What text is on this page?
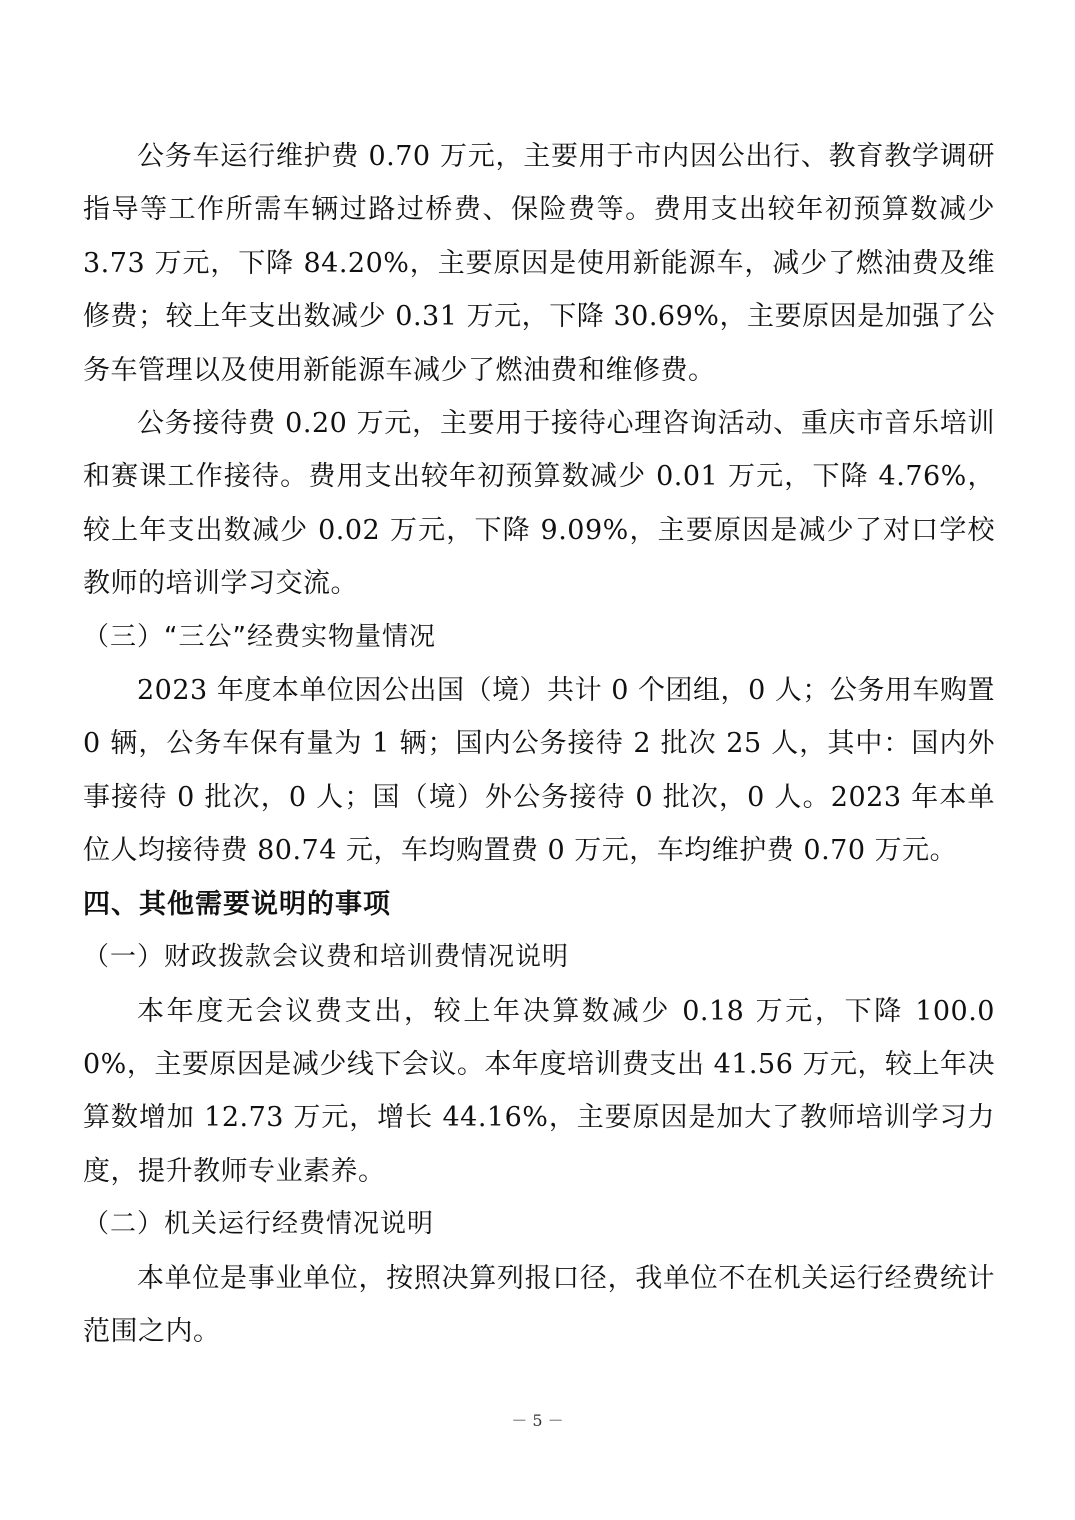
公务车运行维护费 0.70 万元，主要用于市内因公出行、教育教学调研指导等工作所需车辆过路过桥费、保险费等。费用支出较年初预算数减少 3.73 万元，下降 84.20%，主要原因是使用新能源车，减少了燃油费及维修费；较上年支出数减少 0.31 万元，下降 30.69%，主要原因是加强了公务车管理以及使用新能源车减少了燃油费和维修费。

公务接待费 0.20 万元，主要用于接待心理咨询活动、重庆市音乐培训和赛课工作接待。费用支出较年初预算数减少 0.01 万元，下降 4.76%，较上年支出数减少 0.02 万元，下降 9.09%，主要原因是减少了对口学校教师的培训学习交流。

（三）“三公”经费实物量情况

2023 年度本单位因公出国（境）共计 0 个团组，0 人；公务用车购置 0 辆，公务车保有量为 1 辆；国内公务接待 2 批次 25 人，其中：国内外事接待 0 批次，0 人；国（境）外公务接待 0 批次，0 人。2023 年本单位人均接待费 80.74 元，车均购置费 0 万元，车均维护费 0.70 万元。

四、其他需要说明的事项

（一）财政拨款会议费和培训费情况说明

本年度无会议费支出，较上年决算数减少 0.18 万元，下降 100.00%，主要原因是减少线下会议。本年度培训费支出 41.56 万元，较上年决算数增加 12.73 万元，增长 44.16%，主要原因是加大了教师培训学习力度，提升教师专业素养。

（二）机关运行经费情况说明

本单位是事业单位，按照决算列报口径，我单位不在机关运行经费统计范围之内。

－ 5 －
